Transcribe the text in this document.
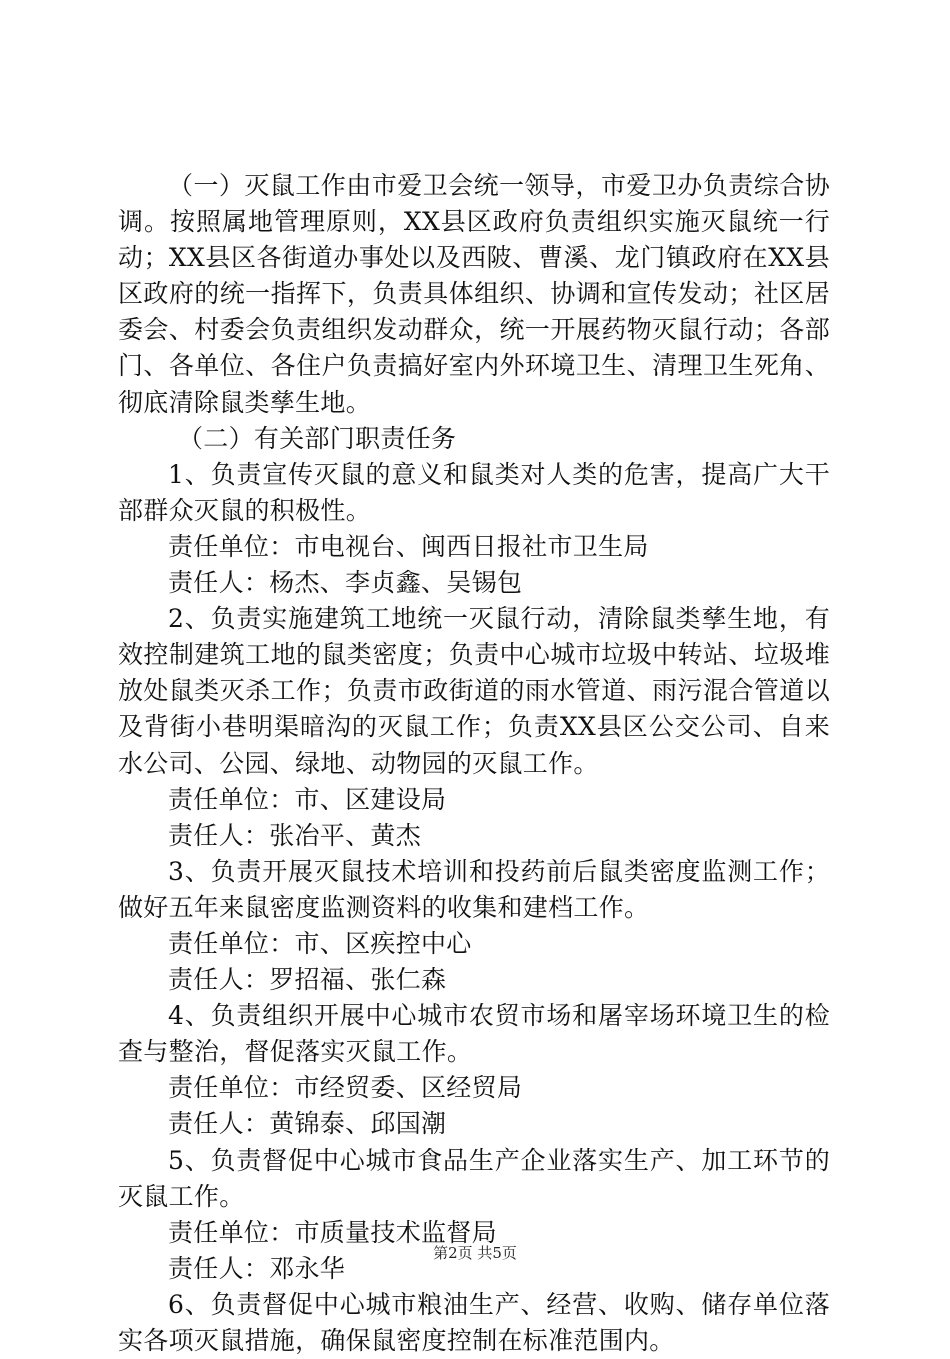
（一）灭鼠工作由市爱卫会统一领导，市爱卫办负责综合协调。按照属地管理原则，XX县区政府负责组织实施灭鼠统一行动；XX县区各街道办事处以及西陂、曹溪、龙门镇政府在XX县区政府的统一指挥下，负责具体组织、协调和宣传发动；社区居委会、村委会负责组织发动群众，统一开展药物灭鼠行动；各部门、各单位、各住户负责搞好室内外环境卫生、清理卫生死角、彻底清除鼠类孳生地。

（二）有关部门职责任务

1、负责宣传灭鼠的意义和鼠类对人类的危害，提高广大干部群众灭鼠的积极性。

责任单位：市电视台、闽西日报社市卫生局

责任人：杨杰、李贞鑫、吴锡包

2、负责实施建筑工地统一灭鼠行动，清除鼠类孳生地，有效控制建筑工地的鼠类密度；负责中心城市垃圾中转站、垃圾堆放处鼠类灭杀工作；负责市政街道的雨水管道、雨污混合管道以及背街小巷明渠暗沟的灭鼠工作；负责XX县区公交公司、自来水公司、公园、绿地、动物园的灭鼠工作。

责任单位：市、区建设局

责任人：张冶平、黄杰

3、负责开展灭鼠技术培训和投药前后鼠类密度监测工作；做好五年来鼠密度监测资料的收集和建档工作。

责任单位：市、区疾控中心

责任人：罗招福、张仁森

4、负责组织开展中心城市农贸市场和屠宰场环境卫生的检查与整治，督促落实灭鼠工作。

责任单位：市经贸委、区经贸局

责任人：黄锦泰、邱国潮

5、负责督促中心城市食品生产企业落实生产、加工环节的灭鼠工作。

责任单位：市质量技术监督局

责任人：邓永华

6、负责督促中心城市粮油生产、经营、收购、储存单位落实各项灭鼠措施，确保鼠密度控制在标准范围内。

第2页 共5页
